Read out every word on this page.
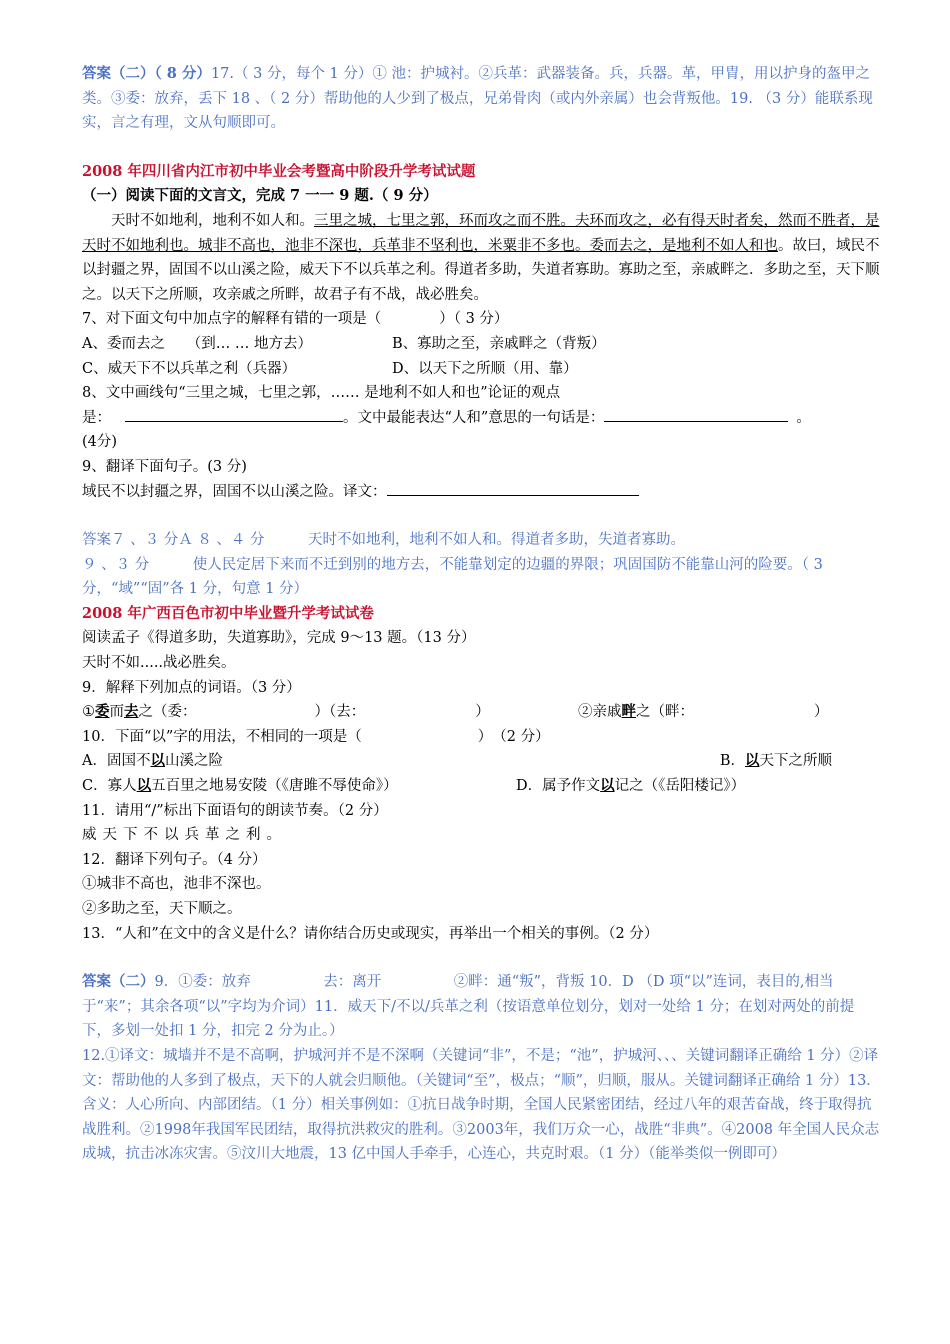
答案（二）（ 8 分）17.（ 3 分，每个 1 分）① 池：护城衬。②兵革：武器装备。兵，兵器。革，甲胄，用以护身的盔甲之类。③委：放弃，丢下 18 、（ 2 分）帮助他的人少到了极点，兄弟骨肉（或内外亲属）也会背叛他。19. （3 分）能联系现实，言之有理，文从句顺即可。

2008 年四川省内江市初中毕业会考暨高中阶段升学考试试题

（一）阅读下面的文言文，完成 7 一一 9 题.（ 9 分）

天时不如地利，地利不如人和。三里之城，七里之郭，环而攻之而不胜。夫环而攻之，必有得天时者矣，然而不胜者，是天时不如地利也。城非不高也，池非不深也，兵革非不坚利也，米粟非不多也。委而去之，是地利不如人和也。故曰，域民不以封疆之界，固国不以山溪之险，威天下不以兵革之利。得道者多助，失道者寡助。寡助之至，亲戚畔之．多助之至，天下顺之。以天下之所顺，攻亲戚之所畔，故君子有不战，战必胜矣。

7、对下面文句中加点字的解释有错的一项是（　　　　）（ 3 分）

A、委而去之　　（到… … 地方去）	B、寡助之至，亲戚畔之（背叛）
C、威天下不以兵革之利（兵器）	D、以天下之所顺（用、靠）

8、文中画线句“三里之城，七里之郭，…… 是地利不如人和也”论证的观点

是：	。文中最能表达“人和”意思的一句话是：	。

(4分)

9、翻译下面句子。(3 分)

域民不以封疆之界，固国不以山溪之险。译文：

答案７ 、３ 分Ａ ８ 、４ 分　　　天时不如地利，地利不如人和。得道者多助，失道者寡助。

９ 、３ 分　　　使人民定居下来而不迁到别的地方去，不能靠划定的边疆的界限；巩固国防不能靠山河的险要。（ 3 分，“域”“固”各 1 分，句意 1 分）

2008 年广西百色市初中毕业暨升学考试试卷

阅读孟子《得道多助，失道寡助》，完成 9～13 题。（13 分）

天时不如.....战必胜矣。

9．解释下列加点的词语。（3 分）

①委而去之（委：	）（去：	）	②亲戚畔之（畔：	）

10．下面“以”字的用法，不相同的一项是（　　　　　　　　）　（2 分）

A．固国不以山溪之险	B．以天下之所顺
C．寡人以五百里之地易安陵（《唐雎不辱使命》）	D．属予作文以记之（《岳阳楼记》）

11．请用“/”标出下面语句的朗读节奏。（2 分）

威天下不以兵革之利。

12．翻译下列句子。（4 分）

①城非不高也，池非不深也。

②多助之至，天下顺之。

13．“人和”在文中的含义是什么？请你结合历史或现实，再举出一个相关的事例。（2 分）

答案（二）9．①委：放弃　　　　　去：离开　　　　　②畔：通“叛”，背叛 10．D （D 项“以”连词，表目的,相当于“来”；其余各项“以”字均为介词）11．威天下/不以/兵革之利（按语意单位划分，划对一处给 1 分；在划对两处的前提下，多划一处扣 1 分，扣完 2 分为止。）

12.①译文：城墙并不是不高啊，护城河并不是不深啊（关键词“非”，不是；“池”，护城河、、、关键词翻译正确给 1 分）②译文：帮助他的人多到了极点，天下的人就会归顺他。（关键词“至”，极点；“顺”，归顺，服从。关键词翻译正确给 1 分）13．含义：人心所向、内部团结。（1 分）相关事例如：①抗日战争时期，全国人民紧密团结，经过八年的艰苦奋战，终于取得抗战胜利。②1998年我国军民团结，取得抗洪救灾的胜利。③2003年，我们万众一心，战胜“非典”。④2008 年全国人民众志成城，抗击冰冻灾害。⑤汶川大地震，13 亿中国人手牵手，心连心，共克时艰。（1 分）（能举类似一例即可）
